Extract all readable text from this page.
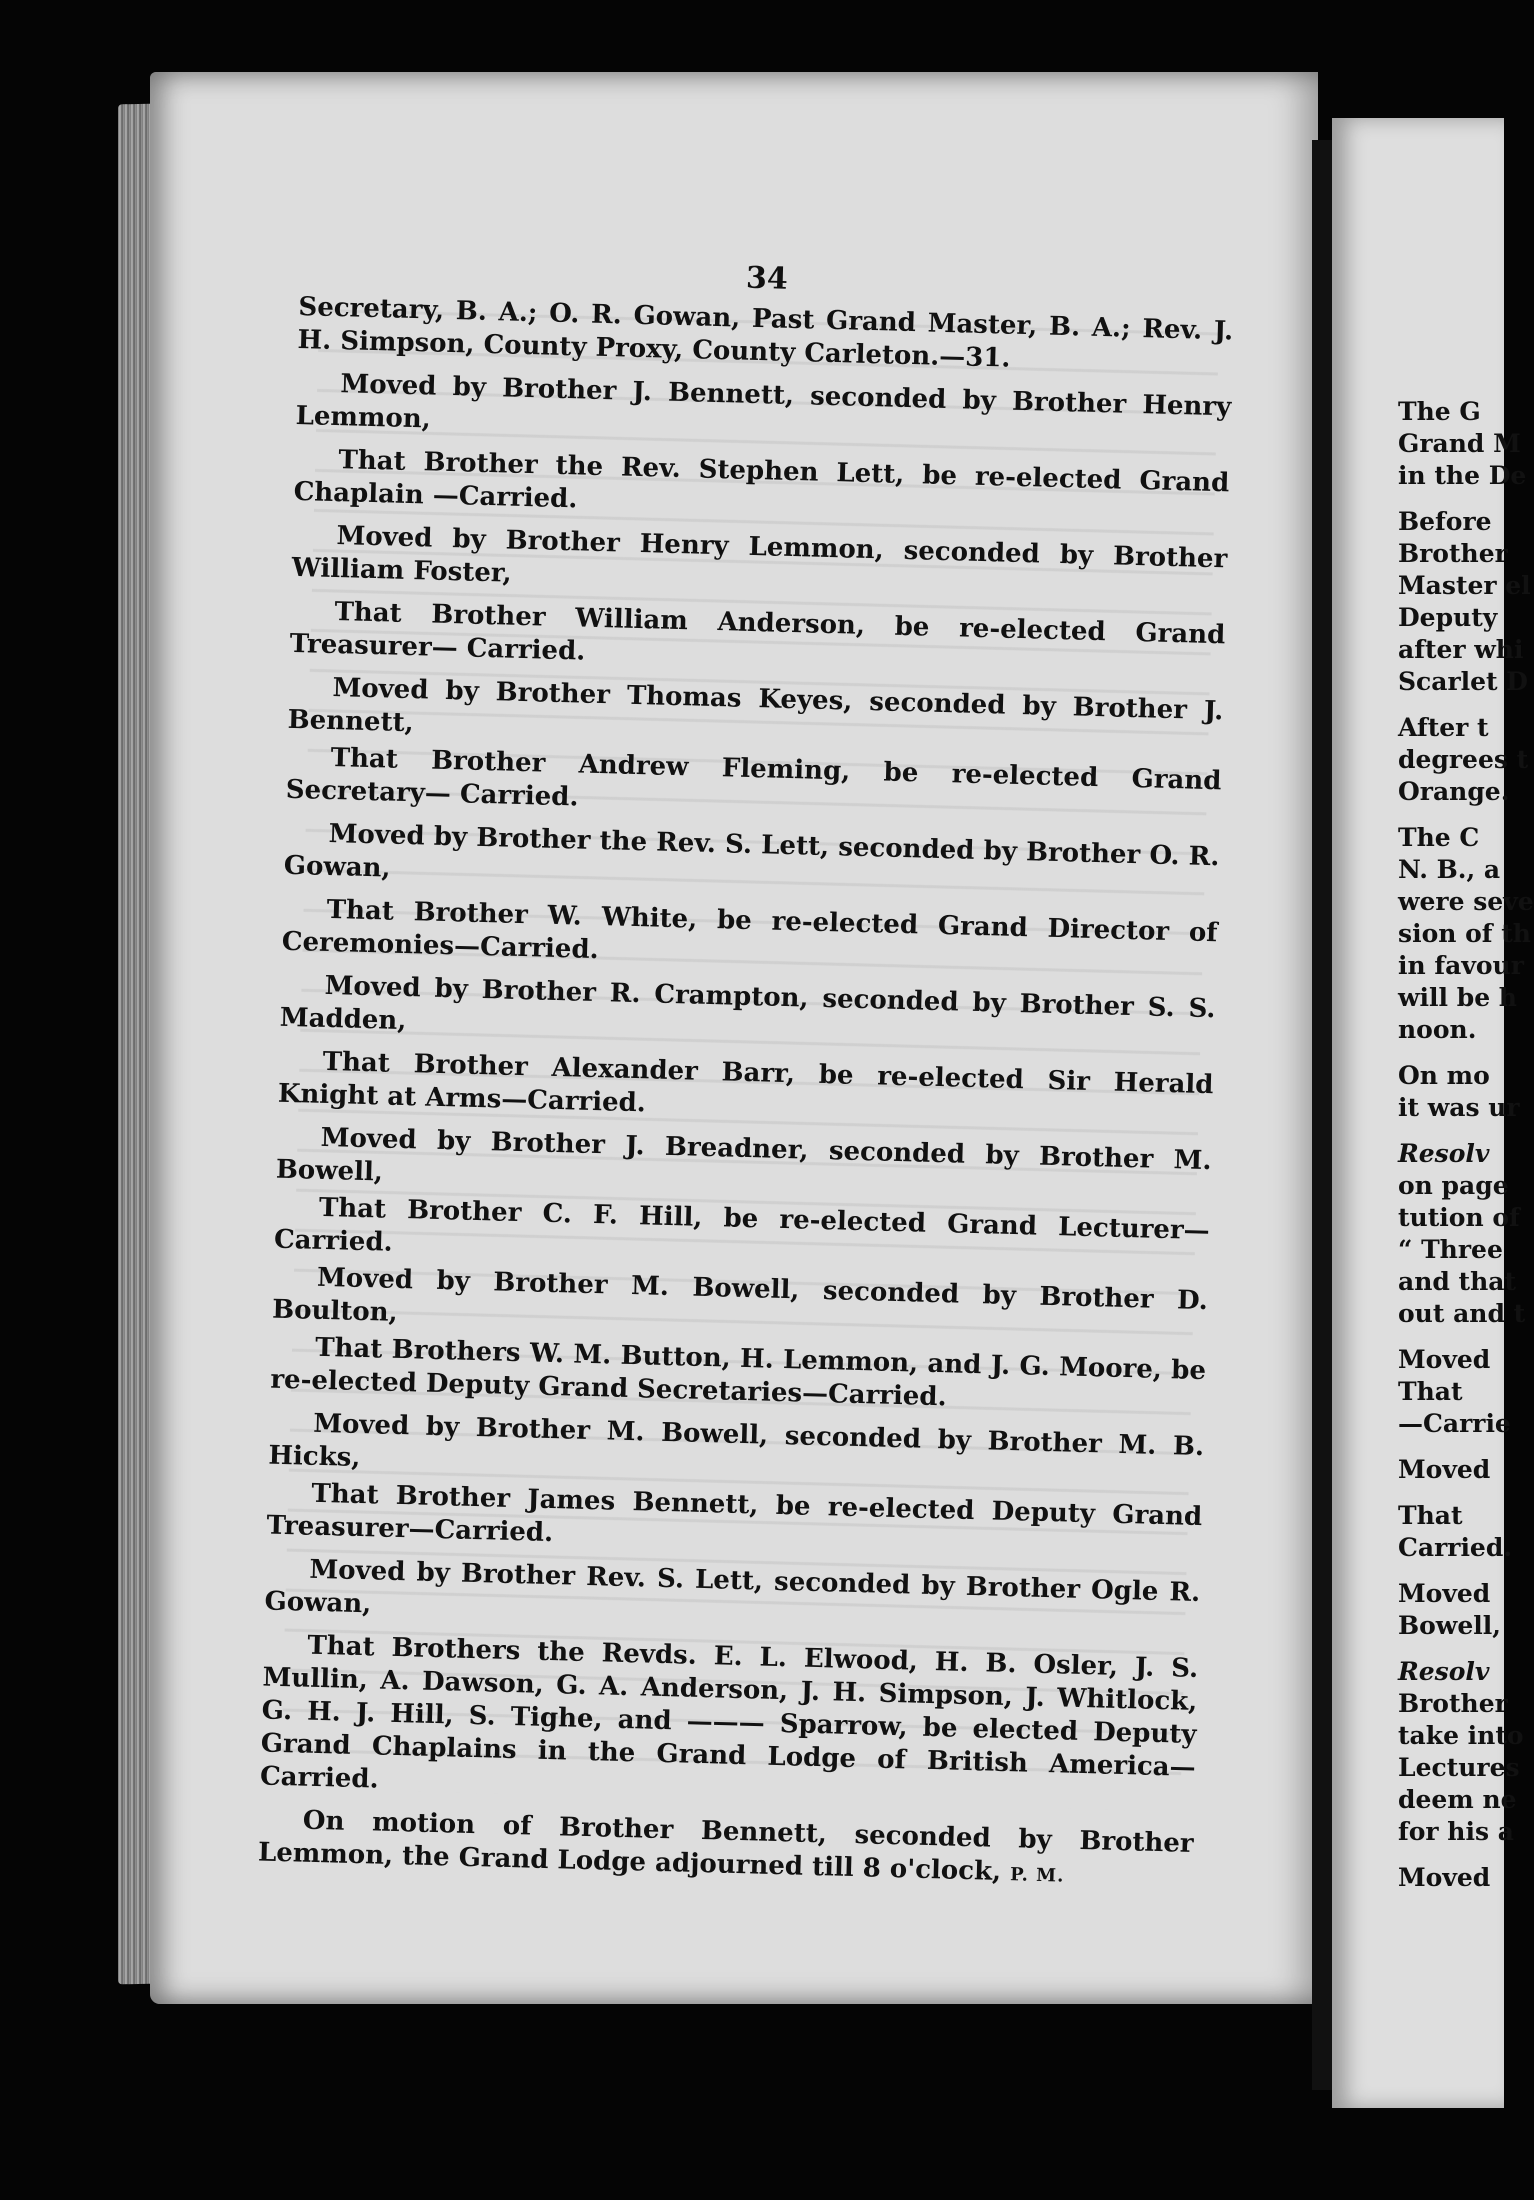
34

Secretary, B. A.; O. R. Gowan, Past Grand Master, B. A.; Rev. J. H. Simpson, County Proxy, County Carleton.—31.

Moved by Brother J. Bennett, seconded by Brother Henry Lemmon,

That Brother the Rev. Stephen Lett, be re-elected Grand Chaplain —Carried.

Moved by Brother Henry Lemmon, seconded by Brother William Foster,

That Brother William Anderson, be re-elected Grand Treasurer— Carried.

Moved by Brother Thomas Keyes, seconded by Brother J. Bennett,

That Brother Andrew Fleming, be re-elected Grand Secretary— Carried.

Moved by Brother the Rev. S. Lett, seconded by Brother O. R. Gowan,

That Brother W. White, be re-elected Grand Director of Ceremonies—Carried.

Moved by Brother R. Crampton, seconded by Brother S. S. Madden,

That Brother Alexander Barr, be re-elected Sir Herald Knight at Arms—Carried.

Moved by Brother J. Breadner, seconded by Brother M. Bowell,

That Brother C. F. Hill, be re-elected Grand Lecturer—Carried.

Moved by Brother M. Bowell, seconded by Brother D. Boulton,

That Brothers W. M. Button, H. Lemmon, and J. G. Moore, be re-elected Deputy Grand Secretaries—Carried.

Moved by Brother M. Bowell, seconded by Brother M. B. Hicks,

That Brother James Bennett, be re-elected Deputy Grand Treasurer—Carried.

Moved by Brother Rev. S. Lett, seconded by Brother Ogle R. Gowan,

That Brothers the Revds. E. L. Elwood, H. B. Osler, J. S. Mullin, A. Dawson, G. A. Anderson, J. H. Simpson, J. Whitlock, G. H. J. Hill, S. Tighe, and ——— Sparrow, be elected Deputy Grand Chaplains in the Grand Lodge of British America—Carried.

On motion of Brother Bennett, seconded by Brother Lemmon, the Grand Lodge adjourned till 8 o'clock, P. M.

The G
Grand M
in the De
Before
Brother
Master el
Deputy
after whi
Scarlet D
After t
degrees t
Orange.
The C
N. B., a
were seve
sion of th
in favour
will be h
noon.
On mo
it was ur
Resolv
on page
tution of
“ Three
and that
out and t
Moved
That
—Carrie
Moved
That
Carried.
Moved
Bowell,
Resolv
Brother
take into
Lectures
deem ne
for his a
Moved
